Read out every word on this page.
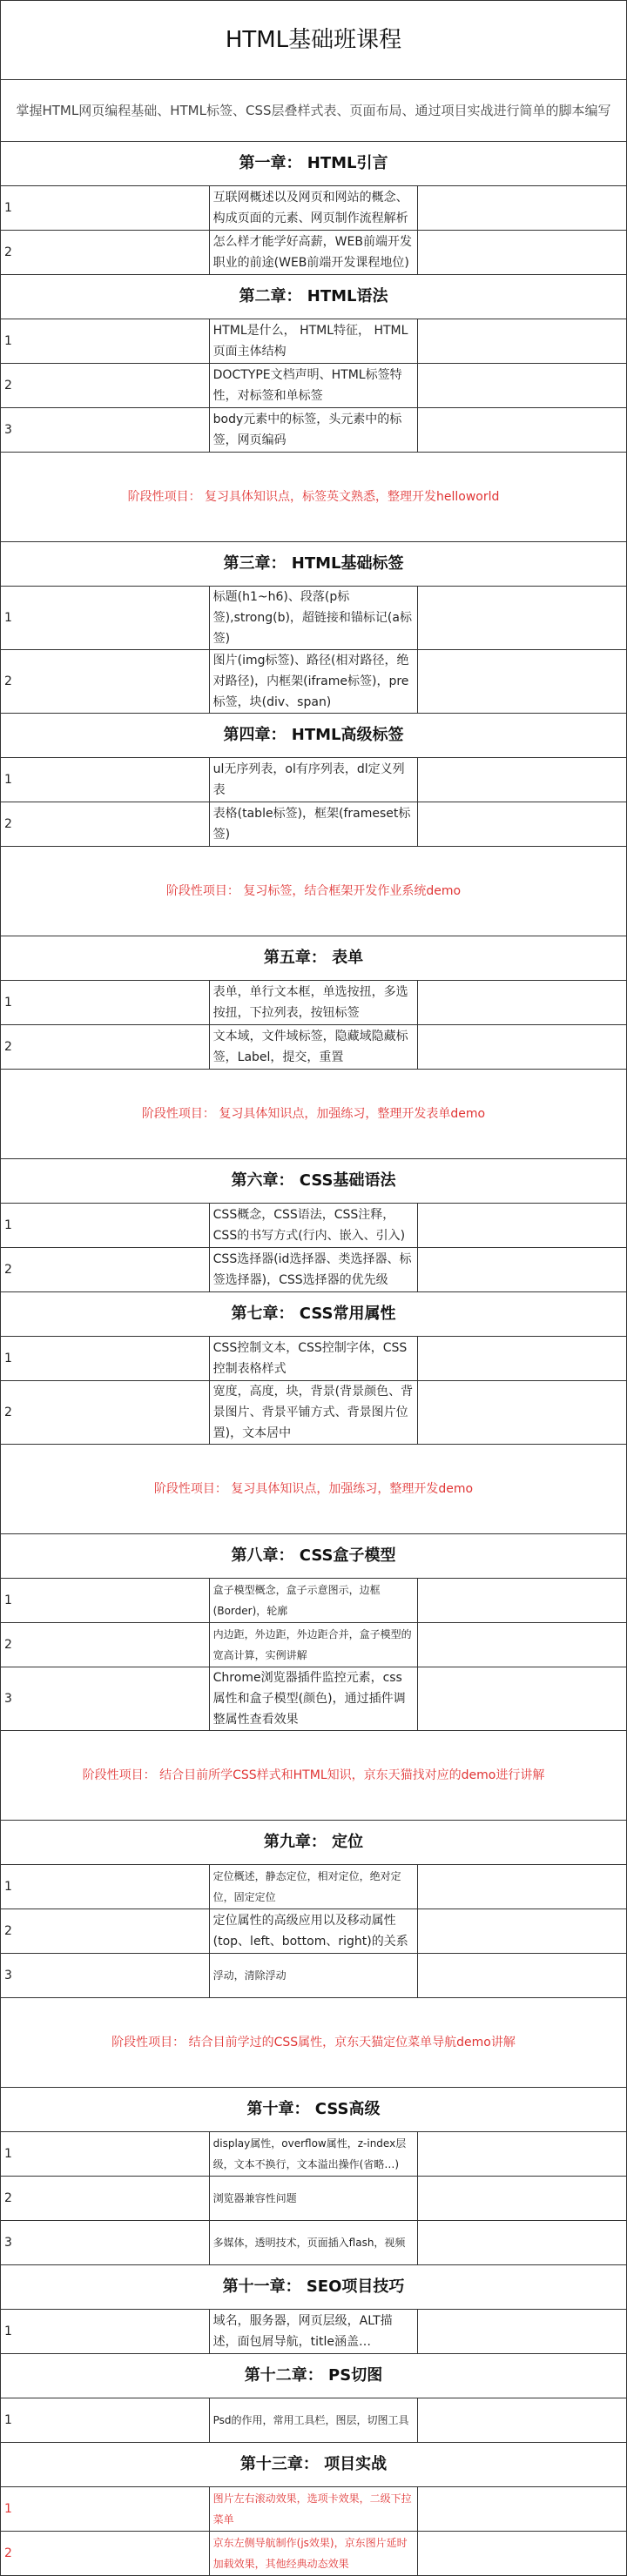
HTML基础班课程		
掌握HTML网页编程基础、HTML标签、CSS层叠样式表、页面布局、通过项目实战进行简单的脚本编写		
第一章： HTML引言		
1	互联网概述以及网页和网站的概念、构成页面的元素、网页制作流程解析	
2	怎么样才能学好高薪，WEB前端开发职业的前途(WEB前端开发课程地位)	
第二章： HTML语法		
1	HTML是什么， HTML特征， HTML页面主体结构	
2	DOCTYPE文档声明、HTML标签特性，对标签和单标签	
3	body元素中的标签，头元素中的标签，网页编码	
阶段性项目： 复习具体知识点，标签英文熟悉，整理开发helloworld		
第三章： HTML基础标签		
1	标题(h1~h6)、段落(p标签),strong(b)，超链接和锚标记(a标签)	
2	图片(img标签)、路径(相对路径，绝对路径)，内框架(iframe标签)，pre标签，块(div、span)	
第四章： HTML高级标签		
1	ul无序列表，ol有序列表，dl定义列表	
2	表格(table标签)，框架(frameset标签)	
阶段性项目： 复习标签，结合框架开发作业系统demo		
第五章： 表单		
1	表单，单行文本框，单选按扭，多选按扭，下拉列表，按钮标签	
2	文本域，文件域标签，隐藏域隐藏标签，Label，提交，重置	
阶段性项目： 复习具体知识点，加强练习，整理开发表单demo		
第六章： CSS基础语法		
1	CSS概念，CSS语法，CSS注释，CSS的书写方式(行内、嵌入、引入)	
2	CSS选择器(id选择器、类选择器、标签选择器)，CSS选择器的优先级	
第七章： CSS常用属性		
1	CSS控制文本，CSS控制字体，CSS控制表格样式	
2	宽度，高度，块，背景(背景颜色、背景图片、背景平铺方式、背景图片位置)，文本居中	
阶段性项目： 复习具体知识点，加强练习，整理开发demo		
第八章： CSS盒子模型		
1	盒子模型概念，盒子示意图示，边框(Border)，轮廓	
2	内边距，外边距，外边距合并，盒子模型的宽高计算，实例讲解	
3	Chrome浏览器插件监控元素，css属性和盒子模型(颜色)，通过插件调整属性查看效果	
阶段性项目： 结合目前所学CSS样式和HTML知识，京东天猫找对应的demo进行讲解		
第九章： 定位		
1	定位概述，静态定位，相对定位，绝对定位，固定定位	
2	定位属性的高级应用以及移动属性(top、left、bottom、right)的关系	
3	浮动，清除浮动	
阶段性项目： 结合目前学过的CSS属性，京东天猫定位菜单导航demo讲解		
第十章： CSS高级		
1	display属性，overflow属性，z-index层级，文本不换行，文本溢出操作(省略…)	
2	浏览器兼容性问题	
3	多媒体，透明技术，页面插入flash，视频	
第十一章： SEO项目技巧		
1	域名，服务器，网页层级，ALT描述，面包屑导航，title涵盖…	
第十二章： PS切图		
1	Psd的作用，常用工具栏，图层，切图工具	
第十三章： 项目实战		
1	图片左右滚动效果，选项卡效果，二级下拉菜单	
2	京东左侧导航制作(js效果)，京东图片延时加载效果，其他经典动态效果	
